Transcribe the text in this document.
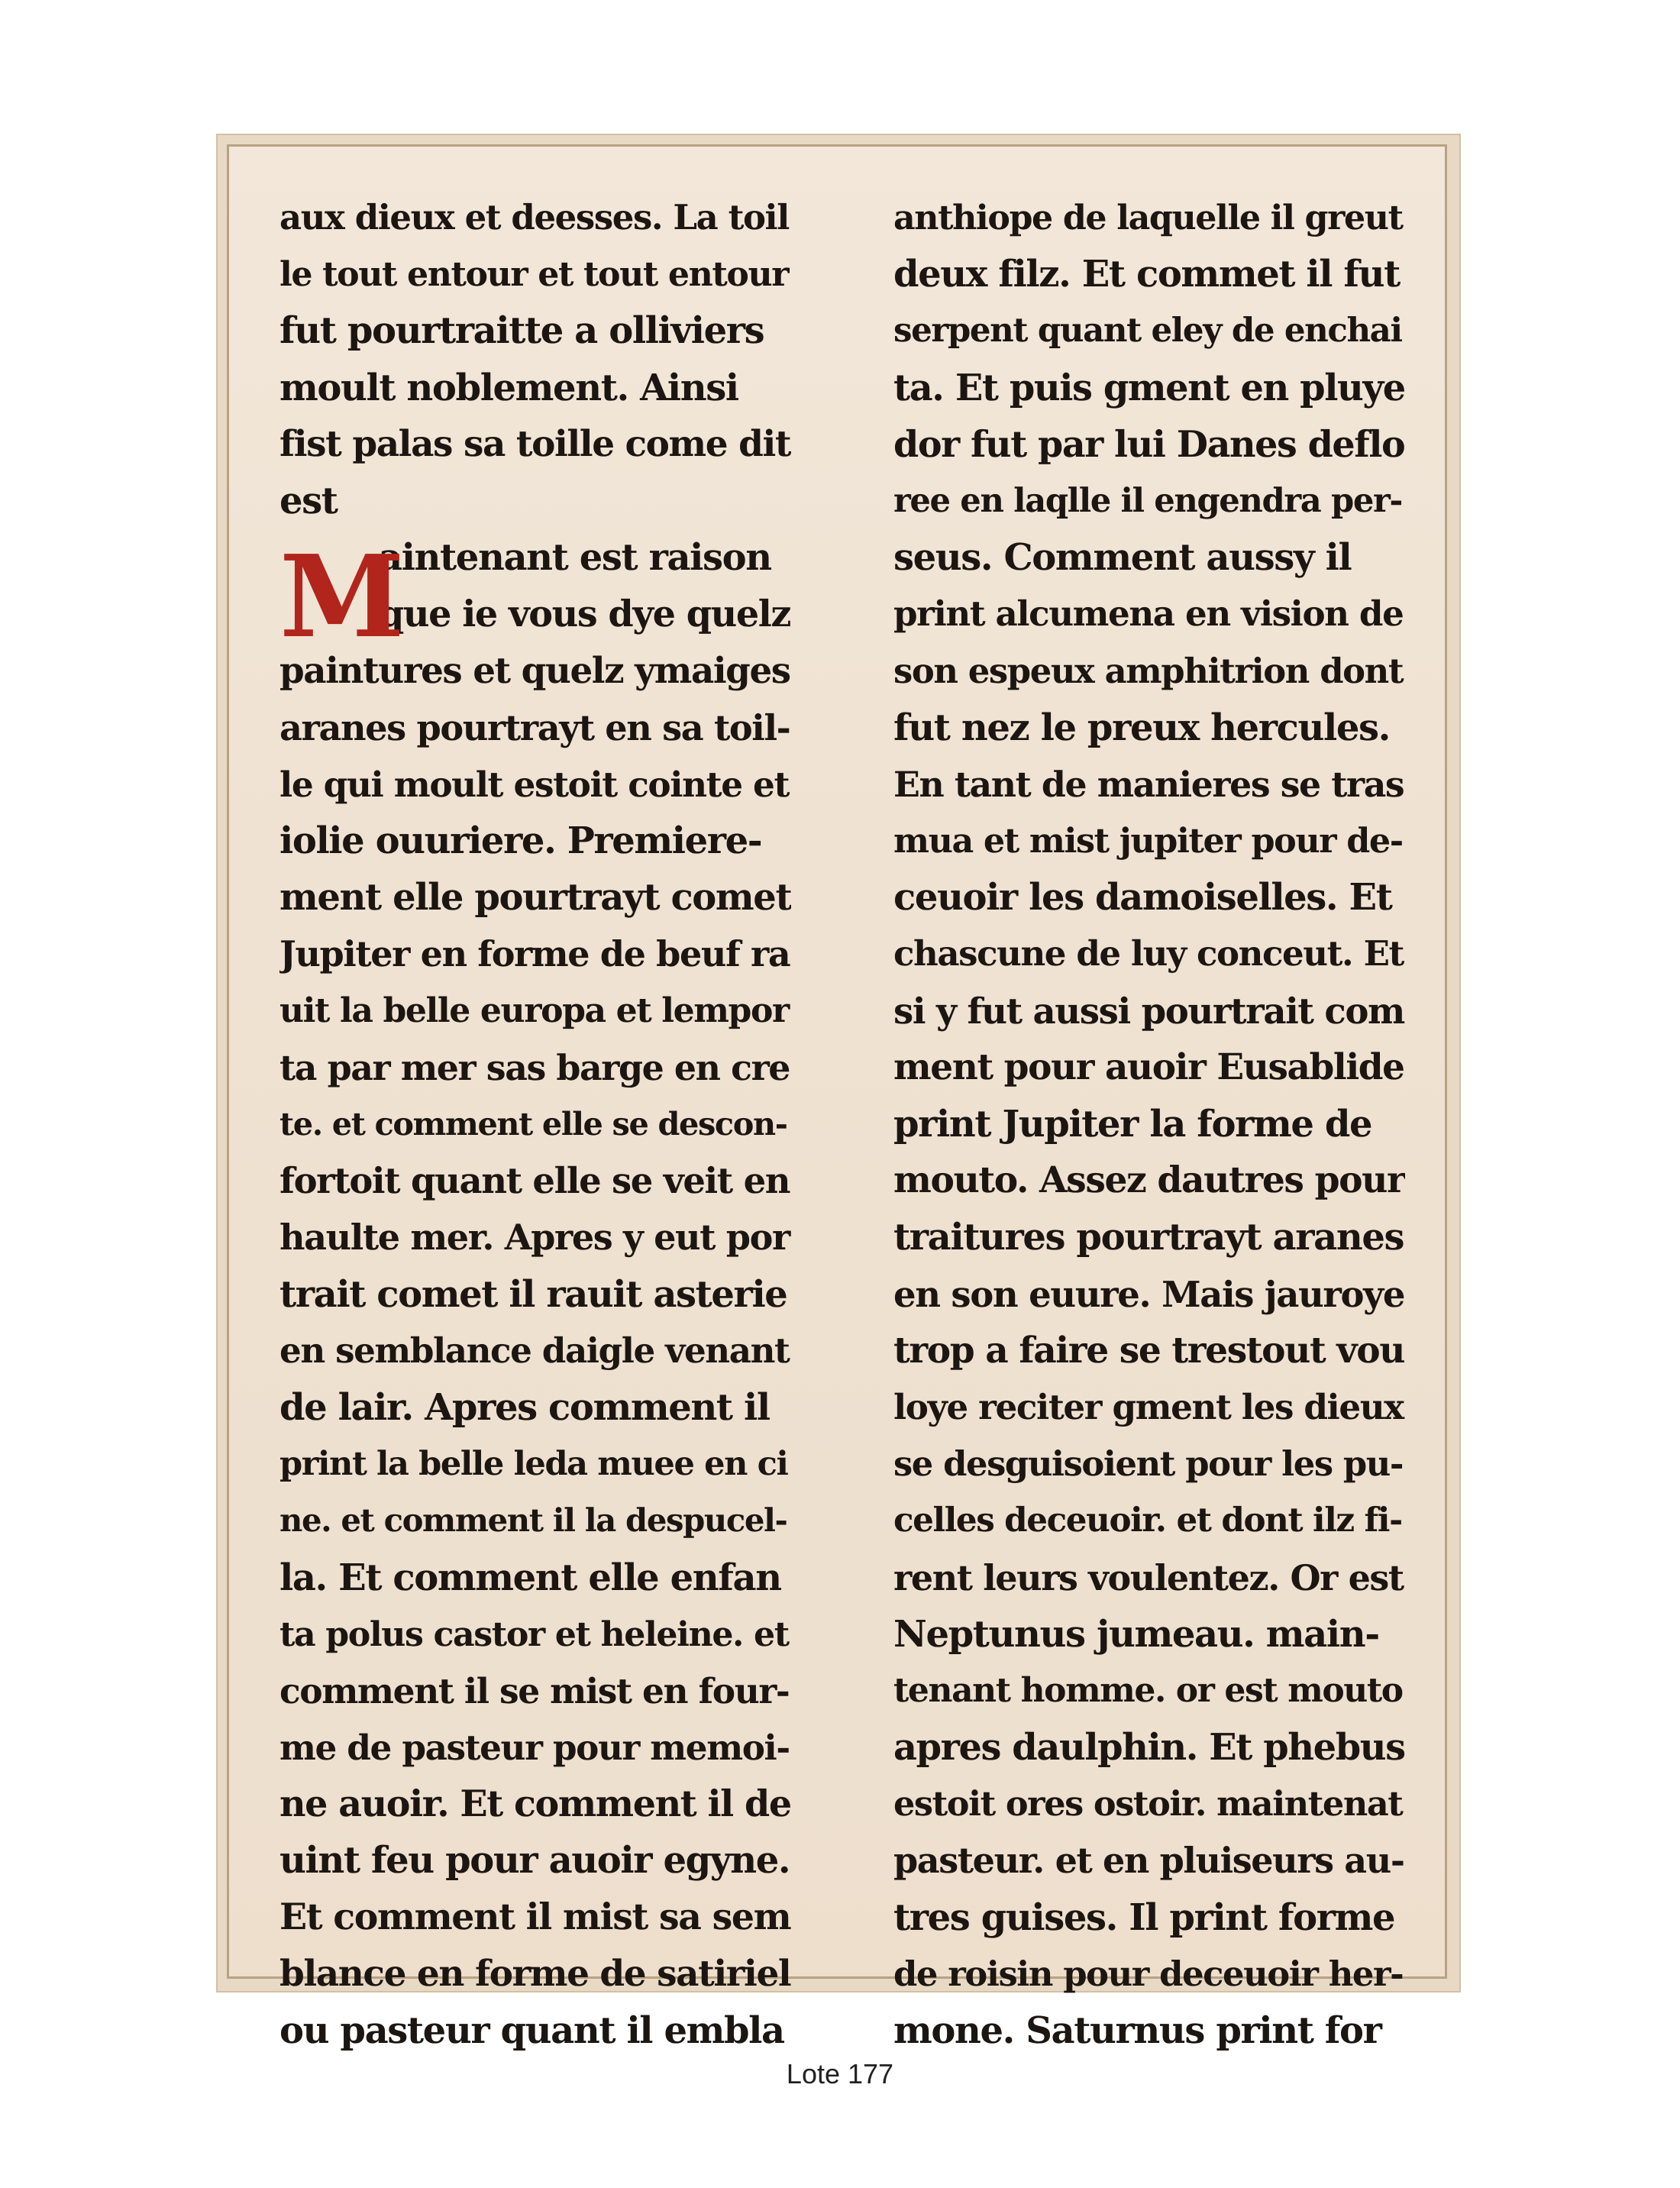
M
aux dieux et deesses. La toil
le tout entour et tout entour
fut pourtraitte a olliviers
moult noblement. Ainsi
fist palas sa toille come dit
est
aintenant est raison
que ie vous dye quelz
paintures et quelz ymaiges
aranes pourtrayt en sa toil-
le qui moult estoit cointe et
iolie ouuriere. Premiere-
ment elle pourtrayt comet
Jupiter en forme de beuf ra
uit la belle europa et lempor
ta par mer sas barge en cre
te. et comment elle se descon-
fortoit quant elle se veit en
haulte mer. Apres y eut por
trait comet il rauit asterie
en semblance daigle venant
de lair. Apres comment il
print la belle leda muee en ci
ne. et comment il la despucel-
la. Et comment elle enfan
ta polus castor et heleine. et
comment il se mist en four-
me de pasteur pour memoi-
ne auoir. Et comment il de
uint feu pour auoir egyne.
Et comment il mist sa sem
blance en forme de satiriel
ou pasteur quant il embla
anthiope de laquelle il greut
deux filz. Et commet il fut
serpent quant eley de enchai
ta. Et puis gment en pluye
dor fut par lui Danes deflo
ree en laqlle il engendra per-
seus. Comment aussy il
print alcumena en vision de
son espeux amphitrion dont
fut nez le preux hercules.
En tant de manieres se tras
mua et mist jupiter pour de-
ceuoir les damoiselles. Et
chascune de luy conceut. Et
si y fut aussi pourtrait com
ment pour auoir Eusablide
print Jupiter la forme de
mouto. Assez dautres pour
traitures pourtrayt aranes
en son euure. Mais jauroye
trop a faire se trestout vou
loye reciter gment les dieux
se desguisoient pour les pu-
celles deceuoir. et dont ilz fi-
rent leurs voulentez. Or est
Neptunus jumeau. main-
tenant homme. or est mouto
apres daulphin. Et phebus
estoit ores ostoir. maintenat
pasteur. et en pluiseurs au-
tres guises. Il print forme
de roisin pour deceuoir her-
mone. Saturnus print for
Lote 177
